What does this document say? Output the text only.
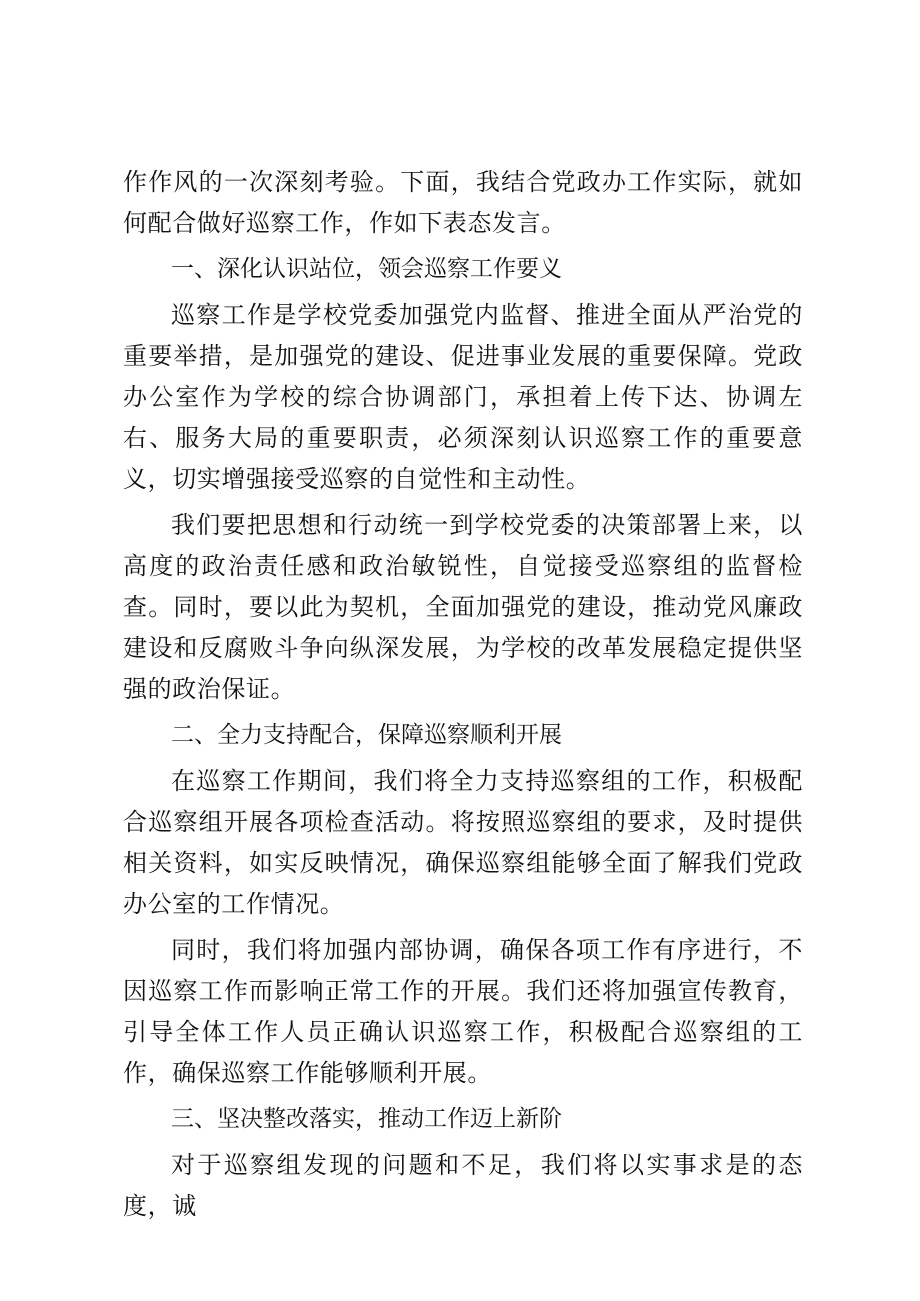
作作风的一次深刻考验。下面，我结合党政办工作实际，就如何配合做好巡察工作，作如下表态发言。

一、深化认识站位，领会巡察工作要义

巡察工作是学校党委加强党内监督、推进全面从严治党的重要举措，是加强党的建设、促进事业发展的重要保障。党政办公室作为学校的综合协调部门，承担着上传下达、协调左右、服务大局的重要职责，必须深刻认识巡察工作的重要意义，切实增强接受巡察的自觉性和主动性。

我们要把思想和行动统一到学校党委的决策部署上来，以高度的政治责任感和政治敏锐性，自觉接受巡察组的监督检查。同时，要以此为契机，全面加强党的建设，推动党风廉政建设和反腐败斗争向纵深发展，为学校的改革发展稳定提供坚强的政治保证。

二、全力支持配合，保障巡察顺利开展

在巡察工作期间，我们将全力支持巡察组的工作，积极配合巡察组开展各项检查活动。将按照巡察组的要求，及时提供相关资料，如实反映情况，确保巡察组能够全面了解我们党政办公室的工作情况。

同时，我们将加强内部协调，确保各项工作有序进行，不因巡察工作而影响正常工作的开展。我们还将加强宣传教育，引导全体工作人员正确认识巡察工作，积极配合巡察组的工作，确保巡察工作能够顺利开展。

三、坚决整改落实，推动工作迈上新阶

对于巡察组发现的问题和不足，我们将以实事求是的态度，诚
